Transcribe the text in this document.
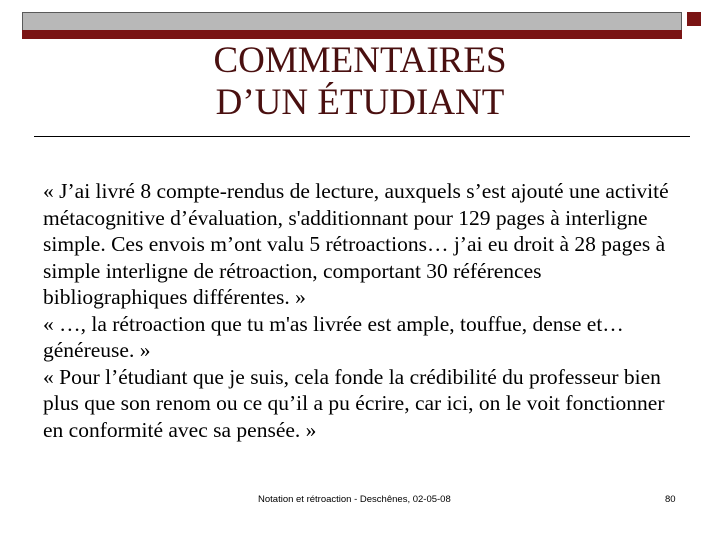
COMMENTAIRES
D’UN ÉTUDIANT

« J’ai livré 8 compte-rendus de lecture, auxquels s’est ajouté une activité métacognitive d’évaluation, s'additionnant pour 129 pages à interligne simple. Ces envois m’ont valu 5 rétroactions… j’ai eu droit à 28 pages à simple interligne de rétroaction, comportant 30 références bibliographiques différentes. »

« …, la rétroaction que tu m'as livrée est ample, touffue, dense et… généreuse. »

« Pour l’étudiant que je suis, cela fonde la crédibilité du professeur bien plus que son renom ou ce qu’il a pu écrire, car ici, on le voit fonctionner en conformité avec sa pensée. »

Notation et rétroaction - Deschênes, 02-05-08	80
